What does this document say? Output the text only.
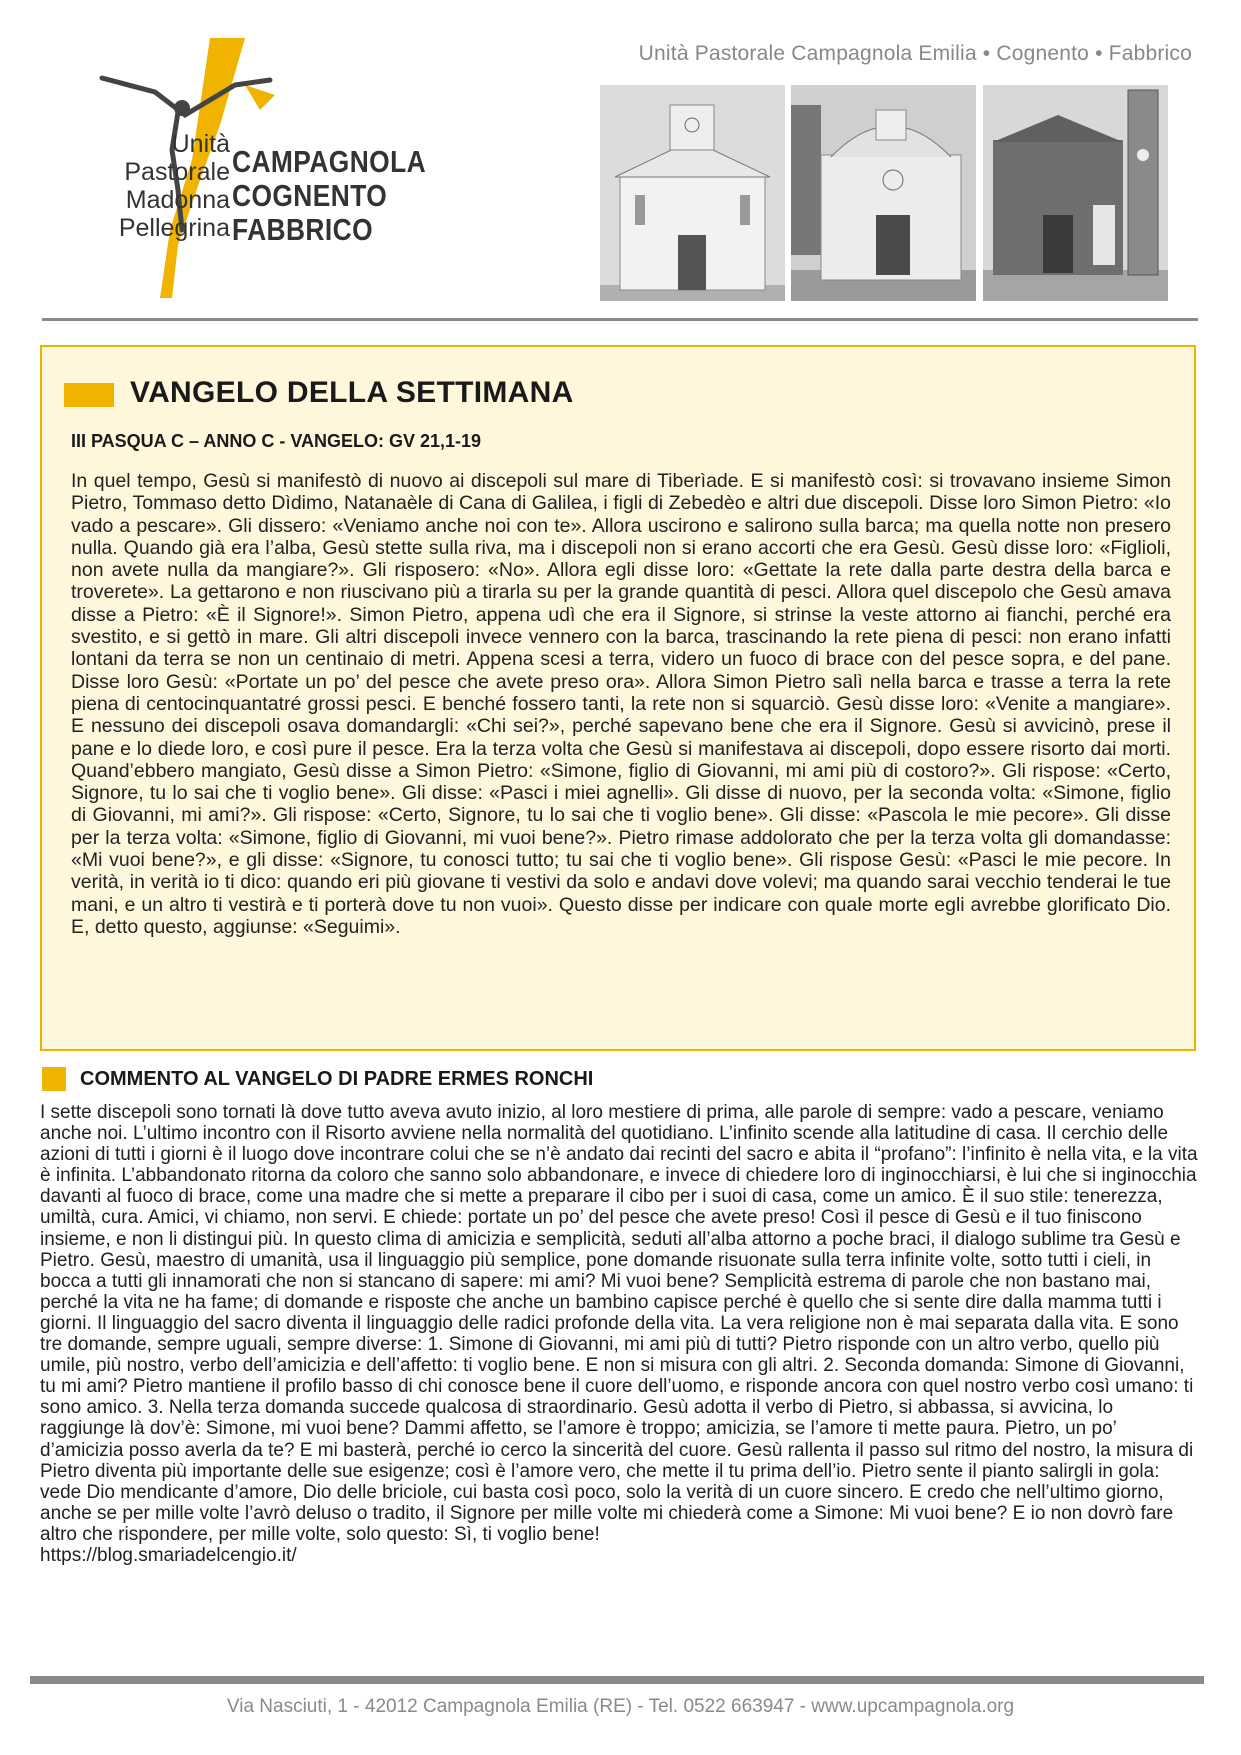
Unità
Pastorale
Madonna
Pellegrina
CAMPAGNOLA
COGNENTO
FABBRICO
Unità Pastorale Campagnola Emilia • Cognento • Fabbrico
VANGELO DELLA SETTIMANA
III PASQUA C – ANNO C - VANGELO: GV 21,1-19
In quel tempo, Gesù si manifestò di nuovo ai discepoli sul mare di Tiberìade. E si manifestò così: si trovavano insieme Simon Pietro, Tommaso detto Dìdimo, Natanaèle di Cana di Galilea, i figli di Zebedèo e altri due discepoli. Disse loro Simon Pietro: «Io vado a pescare». Gli dissero: «Veniamo anche noi con te». Allora uscirono e salirono sulla barca; ma quella notte non presero nulla. Quando già era l’alba, Gesù stette sulla riva, ma i discepoli non si erano accorti che era Gesù. Gesù disse loro: «Figlioli, non avete nulla da mangiare?». Gli risposero: «No». Allora egli disse loro: «Gettate la rete dalla parte destra della barca e troverete». La gettarono e non riuscivano più a tirarla su per la grande quantità di pesci. Allora quel discepolo che Gesù amava disse a Pietro: «È il Signore!». Simon Pietro, appena udì che era il Signore, si strinse la veste attorno ai fianchi, perché era svestito, e si gettò in mare. Gli altri discepoli invece vennero con la barca, trascinando la rete piena di pesci: non erano infatti lontani da terra se non un centinaio di metri. Appena scesi a terra, videro un fuoco di brace con del pesce sopra, e del pane. Disse loro Gesù: «Portate un po’ del pesce che avete preso ora». Allora Simon Pietro salì nella barca e trasse a terra la rete piena di centocinquantatré grossi pesci. E benché fossero tanti, la rete non si squarciò. Gesù disse loro: «Venite a mangiare». E nessuno dei discepoli osava domandargli: «Chi sei?», perché sapevano bene che era il Signore. Gesù si avvicinò, prese il pane e lo diede loro, e così pure il pesce. Era la terza volta che Gesù si manifestava ai discepoli, dopo essere risorto dai morti. Quand’ebbero mangiato, Gesù disse a Simon Pietro: «Simone, figlio di Giovanni, mi ami più di costoro?». Gli rispose: «Certo, Signore, tu lo sai che ti voglio bene». Gli disse: «Pasci i miei agnelli». Gli disse di nuovo, per la seconda volta: «Simone, figlio di Giovanni, mi ami?». Gli rispose: «Certo, Signore, tu lo sai che ti voglio bene». Gli disse: «Pascola le mie pecore». Gli disse per la terza volta: «Simone, figlio di Giovanni, mi vuoi bene?». Pietro rimase addolorato che per la terza volta gli domandasse: «Mi vuoi bene?», e gli disse: «Signore, tu conosci tutto; tu sai che ti voglio bene». Gli rispose Gesù: «Pasci le mie pecore. In verità, in verità io ti dico: quando eri più giovane ti vestivi da solo e andavi dove volevi; ma quando sarai vecchio tenderai le tue mani, e un altro ti vestirà e ti porterà dove tu non vuoi». Questo disse per indicare con quale morte egli avrebbe glorificato Dio. E, detto questo, aggiunse: «Seguimi».
COMMENTO AL VANGELO DI PADRE ERMES RONCHI
I sette discepoli sono tornati là dove tutto aveva avuto inizio, al loro mestiere di prima, alle parole di sempre: vado a pescare, veniamo anche noi. L’ultimo incontro con il Risorto avviene nella normalità del quotidiano. L’infinito scende alla latitudine di casa. Il cerchio delle azioni di tutti i giorni è il luogo dove incontrare colui che se n’è andato dai recinti del sacro e abita il “profano”: l’infinito è nella vita, e la vita è infinita. L’abbandonato ritorna da coloro che sanno solo abbandonare, e invece di chiedere loro di inginocchiarsi, è lui che si inginocchia davanti al fuoco di brace, come una madre che si mette a preparare il cibo per i suoi di casa, come un amico. È il suo stile: tenerezza, umiltà, cura. Amici, vi chiamo, non servi. E chiede: portate un po’ del pesce che avete preso! Così il pesce di Gesù e il tuo finiscono insieme, e non li distingui più. In questo clima di amicizia e semplicità, seduti all’alba attorno a poche braci, il dialogo sublime tra Gesù e Pietro. Gesù, maestro di umanità, usa il linguaggio più semplice, pone domande risuonate sulla terra infinite volte, sotto tutti i cieli, in bocca a tutti gli innamorati che non si stancano di sapere: mi ami? Mi vuoi bene? Semplicità estrema di parole che non bastano mai, perché la vita ne ha fame; di domande e risposte che anche un bambino capisce perché è quello che si sente dire dalla mamma tutti i giorni. Il linguaggio del sacro diventa il linguaggio delle radici profonde della vita. La vera religione non è mai separata dalla vita. E sono tre domande, sempre uguali, sempre diverse: 1. Simone di Giovanni, mi ami più di tutti? Pietro risponde con un altro verbo, quello più umile, più nostro, verbo dell’amicizia e dell’affetto: ti voglio bene. E non si misura con gli altri. 2. Seconda domanda: Simone di Giovanni, tu mi ami? Pietro mantiene il profilo basso di chi conosce bene il cuore dell’uomo, e risponde ancora con quel nostro verbo così umano: ti sono amico. 3. Nella terza domanda succede qualcosa di straordinario. Gesù adotta il verbo di Pietro, si abbassa, si avvicina, lo raggiunge là dov’è: Simone, mi vuoi bene? Dammi affetto, se l’amore è troppo; amicizia, se l’amore ti mette paura. Pietro, un po’ d’amicizia posso averla da te? E mi basterà, perché io cerco la sincerità del cuore. Gesù rallenta il passo sul ritmo del nostro, la misura di Pietro diventa più importante delle sue esigenze; così è l’amore vero, che mette il tu prima dell’io. Pietro sente il pianto salirgli in gola: vede Dio mendicante d’amore, Dio delle briciole, cui basta così poco, solo la verità di un cuore sincero. E credo che nell’ultimo giorno, anche se per mille volte l’avrò deluso o tradito, il Signore per mille volte mi chiederà come a Simone: Mi vuoi bene? E io non dovrò fare altro che rispondere, per mille volte, solo questo: Sì, ti voglio bene!
https://blog.smariadelcengio.it/
Via Nasciuti, 1 - 42012 Campagnola Emilia (RE) - Tel. 0522 663947 - www.upcampagnola.org
